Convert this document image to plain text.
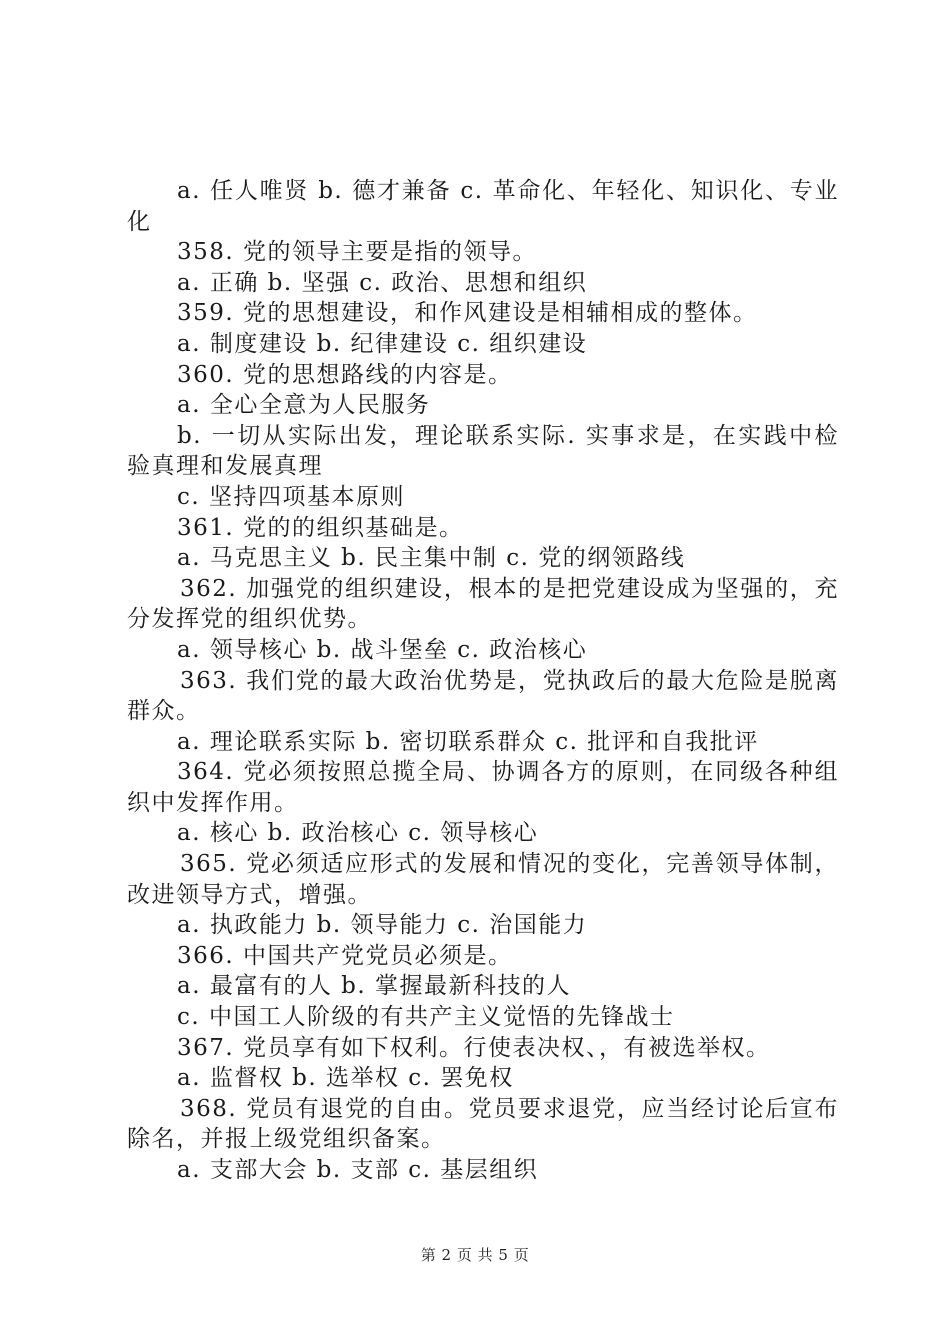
a. 任人唯贤 b. 德才兼备 c. 革命化、年轻化、知识化、专业化

358. 党的领导主要是指的领导。

a. 正确 b. 坚强 c. 政治、思想和组织

359. 党的思想建设，和作风建设是相辅相成的整体。

a. 制度建设 b. 纪律建设 c. 组织建设

360. 党的思想路线的内容是。

a. 全心全意为人民服务

b. 一切从实际出发，理论联系实际. 实事求是，在实践中检验真理和发展真理

c. 坚持四项基本原则

361. 党的的组织基础是。

a. 马克思主义 b. 民主集中制 c. 党的纲领路线

362. 加强党的组织建设，根本的是把党建设成为坚强的，充分发挥党的组织优势。

a. 领导核心 b. 战斗堡垒 c. 政治核心

363. 我们党的最大政治优势是，党执政后的最大危险是脱离群众。

a. 理论联系实际 b. 密切联系群众 c. 批评和自我批评

364. 党必须按照总揽全局、协调各方的原则，在同级各种组织中发挥作用。

a. 核心 b. 政治核心 c. 领导核心

365. 党必须适应形式的发展和情况的变化，完善领导体制，改进领导方式，增强。

a. 执政能力 b. 领导能力 c. 治国能力

366. 中国共产党党员必须是。

a. 最富有的人 b. 掌握最新科技的人

c. 中国工人阶级的有共产主义觉悟的先锋战士

367. 党员享有如下权利。行使表决权、，有被选举权。

a. 监督权 b. 选举权 c. 罢免权

368. 党员有退党的自由。党员要求退党，应当经讨论后宣布除名，并报上级党组织备案。

a. 支部大会 b. 支部 c. 基层组织

第 2 页 共 5 页
